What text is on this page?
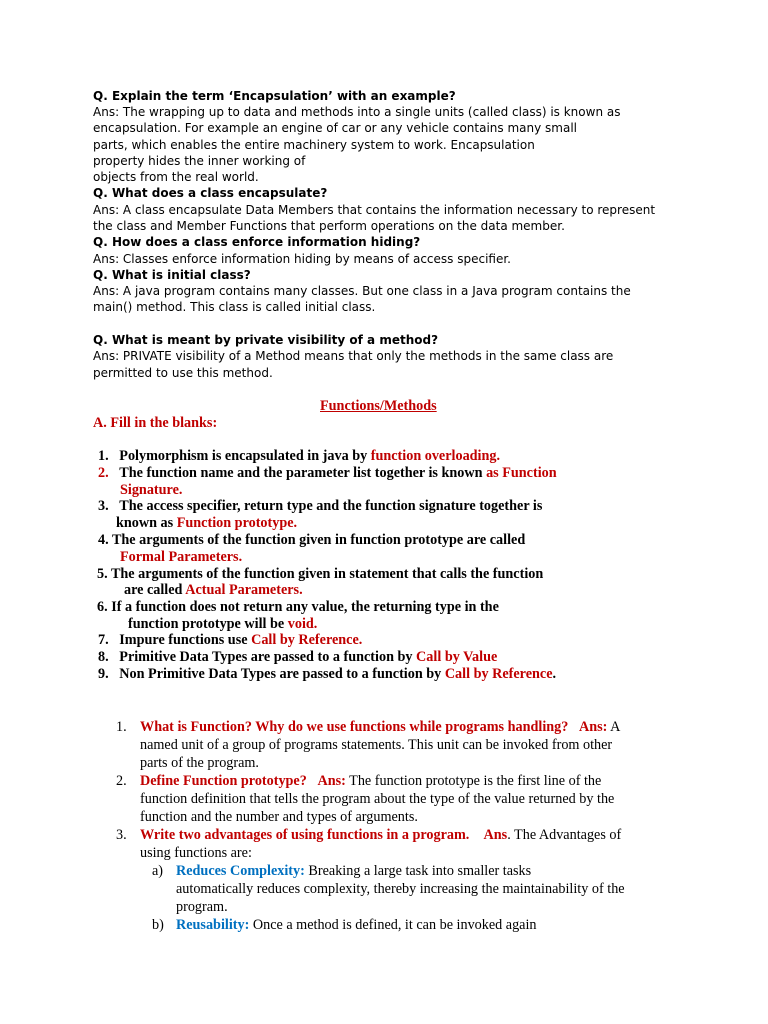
Q. Explain the term ‘Encapsulation’ with an example?
Ans: The wrapping up to data and methods into a single units (called class) is known as
encapsulation. For example an engine of car or any vehicle contains many small
parts, which enables the entire machinery system to work. Encapsulation
property hides the inner working of
objects from the real world.
Q. What does a class encapsulate?
Ans: A class encapsulate Data Members that contains the information necessary to represent
the class and Member Functions that perform operations on the data member.
Q. How does a class enforce information hiding?
Ans: Classes enforce information hiding by means of access specifier.
Q. What is initial class?
Ans: A java program contains many classes. But one class in a Java program contains the
main() method. This class is called initial class.
Q. What is meant by private visibility of a method?
Ans: PRIVATE visibility of a Method means that only the methods in the same class are
permitted to use this method.
Functions/Methods
A. Fill in the blanks:
1. Polymorphism is encapsulated in java by function overloading.
2. The function name and the parameter list together is known as Function
Signature.
3. The access specifier, return type and the function signature together is
known as Function prototype.
4. The arguments of the function given in function prototype are called
Formal Parameters.
5. The arguments of the function given in statement that calls the function
are called Actual Parameters.
6. If a function does not return any value, the returning type in the
function prototype will be void.
7. Impure functions use Call by Reference.
8. Primitive Data Types are passed to a function by Call by Value
9. Non Primitive Data Types are passed to a function by Call by Reference.
1. What is Function? Why do we use functions while programs handling? Ans: A
named unit of a group of programs statements. This unit can be invoked from other
parts of the program.
2. Define Function prototype? Ans: The function prototype is the first line of the
function definition that tells the program about the type of the value returned by the
function and the number and types of arguments.
3. Write two advantages of using functions in a program. Ans. The Advantages of
using functions are:
a) Reduces Complexity: Breaking a large task into smaller tasks
automatically reduces complexity, thereby increasing the maintainability of the
program.
b) Reusability: Once a method is defined, it can be invoked again
